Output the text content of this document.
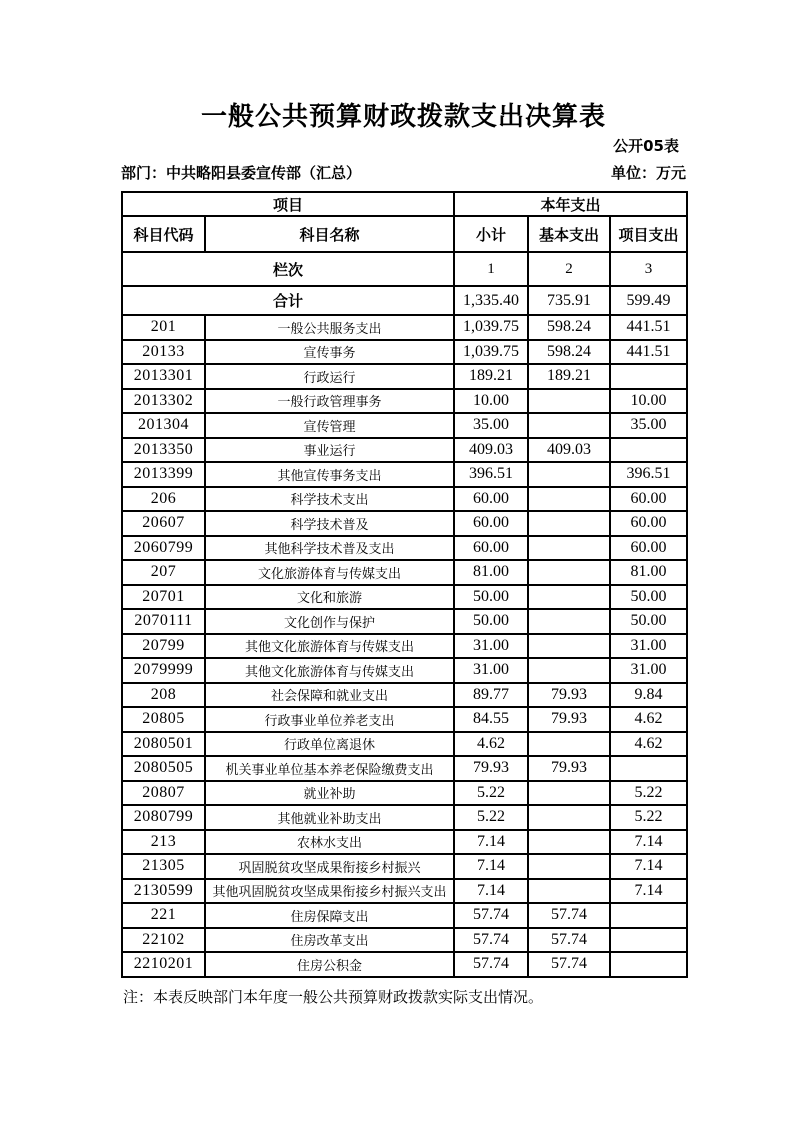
一般公共预算财政拨款支出决算表
公开05表
部门：中共略阳县委宣传部（汇总）	单位：万元
项目		本年支出		
科目代码	科目名称	小计	基本支出	项目支出
栏次		1	2	3
合计		1,335.40	735.91	599.49
201	一般公共服务支出	1,039.75	598.24	441.51
20133	宣传事务	1,039.75	598.24	441.51
2013301	行政运行	189.21	189.21	
2013302	一般行政管理事务	10.00		10.00
201304	宣传管理	35.00		35.00
2013350	事业运行	409.03	409.03	
2013399	其他宣传事务支出	396.51		396.51
206	科学技术支出	60.00		60.00
20607	科学技术普及	60.00		60.00
2060799	其他科学技术普及支出	60.00		60.00
207	文化旅游体育与传媒支出	81.00		81.00
20701	文化和旅游	50.00		50.00
2070111	文化创作与保护	50.00		50.00
20799	其他文化旅游体育与传媒支出	31.00		31.00
2079999	其他文化旅游体育与传媒支出	31.00		31.00
208	社会保障和就业支出	89.77	79.93	9.84
20805	行政事业单位养老支出	84.55	79.93	4.62
2080501	行政单位离退休	4.62		4.62
2080505	机关事业单位基本养老保险缴费支出	79.93	79.93	
20807	就业补助	5.22		5.22
2080799	其他就业补助支出	5.22		5.22
213	农林水支出	7.14		7.14
21305	巩固脱贫攻坚成果衔接乡村振兴	7.14		7.14
2130599	其他巩固脱贫攻坚成果衔接乡村振兴支出	7.14		7.14
221	住房保障支出	57.74	57.74	
22102	住房改革支出	57.74	57.74	
2210201	住房公积金	57.74	57.74	
注：本表反映部门本年度一般公共预算财政拨款实际支出情况。
